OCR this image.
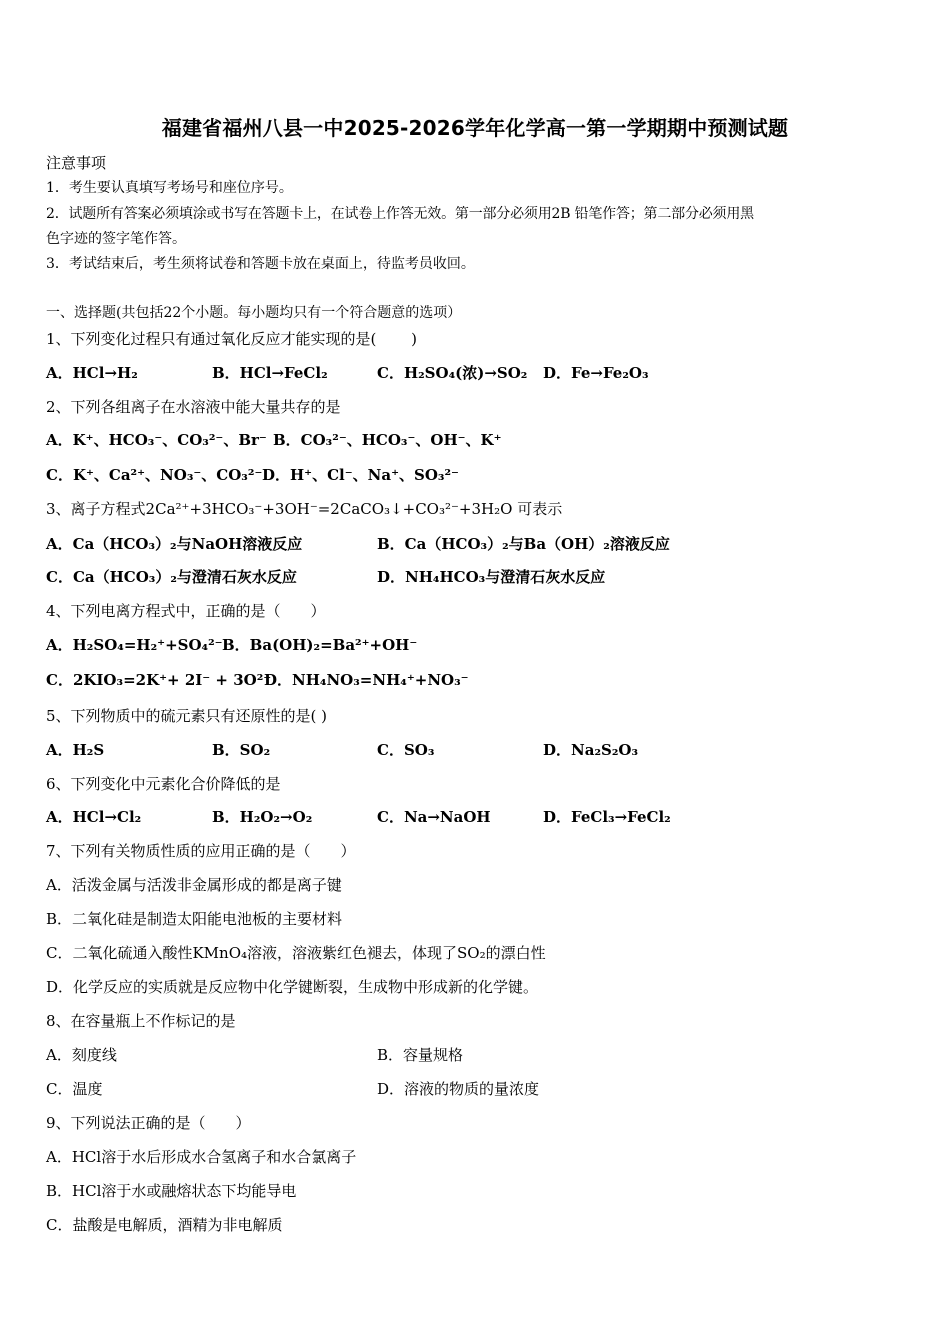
福建省福州八县一中2025-2026学年化学高一第一学期期中预测试题
注意事项
1．考生要认真填写考场号和座位序号。
2．试题所有答案必须填涂或书写在答题卡上，在试卷上作答无效。第一部分必须用2B 铅笔作答；第二部分必须用黑
色字迹的签字笔作答。
3．考试结束后，考生须将试卷和答题卡放在桌面上，待监考员收回。
一、选择题(共包括22个小题。每小题均只有一个符合题意的选项）
1、下列变化过程只有通过氧化反应才能实现的是(　　 )
A．HCl→H₂	B．HCl→FeCl₂	C．H₂SO₄(浓)→SO₂ D．Fe→Fe₂O₃
2、下列各组离子在水溶液中能大量共存的是
A．K⁺、HCO₃⁻、CO₃²⁻、Br⁻ B．CO₃²⁻、HCO₃⁻、OH⁻、K⁺
C．K⁺、Ca²⁺、NO₃⁻、CO₃²⁻ D．H⁺、Cl⁻、Na⁺、SO₃²⁻
3、离子方程式2Ca²⁺+3HCO₃⁻+3OH⁻=2CaCO₃↓+CO₃²⁻+3H₂O 可表示
A．Ca（HCO₃）₂与NaOH溶液反应	B．Ca（HCO₃）₂与Ba（OH）₂溶液反应
C．Ca（HCO₃）₂与澄清石灰水反应	D．NH₄HCO₃与澄清石灰水反应
4、下列电离方程式中，正确的是（　　）
A．H₂SO₄=H₂⁺+SO₄²⁻ B．Ba(OH)₂=Ba²⁺+OH⁻
C．2KIO₃=2K⁺+ 2I⁻ + 3O²⁻
D．NH₄NO₃=NH₄⁺+NO₃⁻
5、下列物质中的硫元素只有还原性的是( )
A．H₂S	B．SO₂	C．SO₃	D．Na₂S₂O₃
6、下列变化中元素化合价降低的是
A．HCl→Cl₂	B．H₂O₂→O₂	C．Na→NaOH	D．FeCl₃→FeCl₂
7、下列有关物质性质的应用正确的是（　　）
A．活泼金属与活泼非金属形成的都是离子键
B．二氧化硅是制造太阳能电池板的主要材料
C．二氧化硫通入酸性KMnO₄溶液，溶液紫红色褪去，体现了SO₂的漂白性
D．化学反应的实质就是反应物中化学键断裂，生成物中形成新的化学键。
8、在容量瓶上不作标记的是
A．刻度线	B．容量规格
C．温度	D．溶液的物质的量浓度
9、下列说法正确的是（　　）
A．HCl溶于水后形成水合氢离子和水合氯离子
B．HCl溶于水或融熔状态下均能导电
C．盐酸是电解质，酒精为非电解质
